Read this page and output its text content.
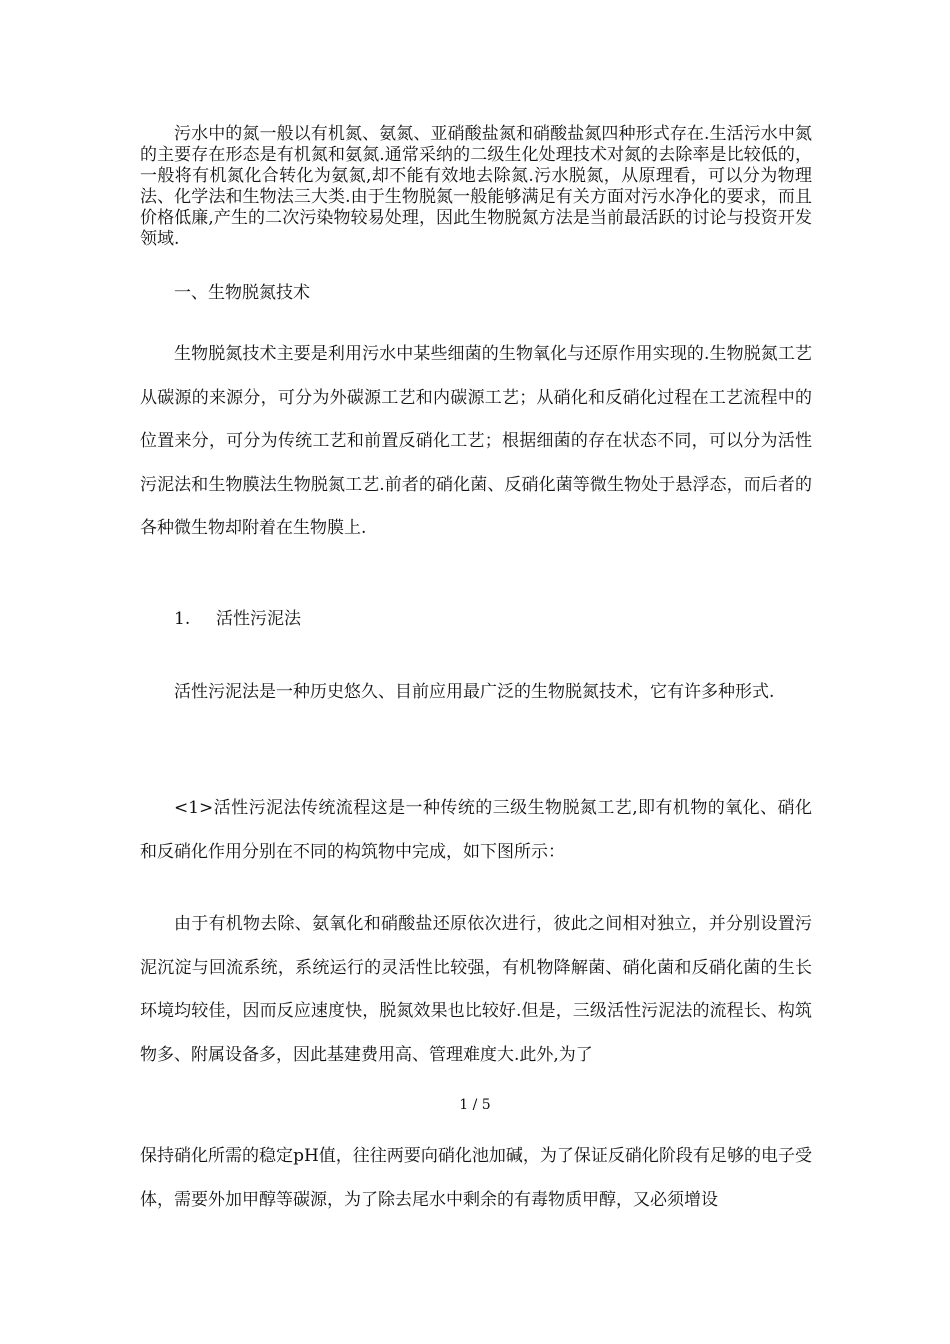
污水中的氮一般以有机氮、氨氮、亚硝酸盐氮和硝酸盐氮四种形式存在.生活污水中氮的主要存在形态是有机氮和氨氮.通常采纳的二级生化处理技术对氮的去除率是比较低的，一般将有机氮化合转化为氨氮,却不能有效地去除氮.污水脱氮，从原理看，可以分为物理法、化学法和生物法三大类.由于生物脱氮一般能够满足有关方面对污水净化的要求，而且价格低廉,产生的二次污染物较易处理，因此生物脱氮方法是当前最活跃的讨论与投资开发领域.

一、生物脱氮技术

生物脱氮技术主要是利用污水中某些细菌的生物氧化与还原作用实现的.生物脱氮工艺从碳源的来源分，可分为外碳源工艺和内碳源工艺；从硝化和反硝化过程在工艺流程中的位置来分，可分为传统工艺和前置反硝化工艺；根据细菌的存在状态不同，可以分为活性污泥法和生物膜法生物脱氮工艺.前者的硝化菌、反硝化菌等微生物处于悬浮态，而后者的各种微生物却附着在生物膜上.

1. 活性污泥法

活性污泥法是一种历史悠久、目前应用最广泛的生物脱氮技术，它有许多种形式.

<1>活性污泥法传统流程这是一种传统的三级生物脱氮工艺,即有机物的氧化、硝化和反硝化作用分别在不同的构筑物中完成，如下图所示：

由于有机物去除、氨氧化和硝酸盐还原依次进行，彼此之间相对独立，并分别设置污泥沉淀与回流系统，系统运行的灵活性比较强，有机物降解菌、硝化菌和反硝化菌的生长环境均较佳，因而反应速度快，脱氮效果也比较好.但是，三级活性污泥法的流程长、构筑物多、附属设备多，因此基建费用高、管理难度大.此外,为了

1 / 5

保持硝化所需的稳定pH值，往往两要向硝化池加碱，为了保证反硝化阶段有足够的电子受体，需要外加甲醇等碳源，为了除去尾水中剩余的有毒物质甲醇，又必须增设
